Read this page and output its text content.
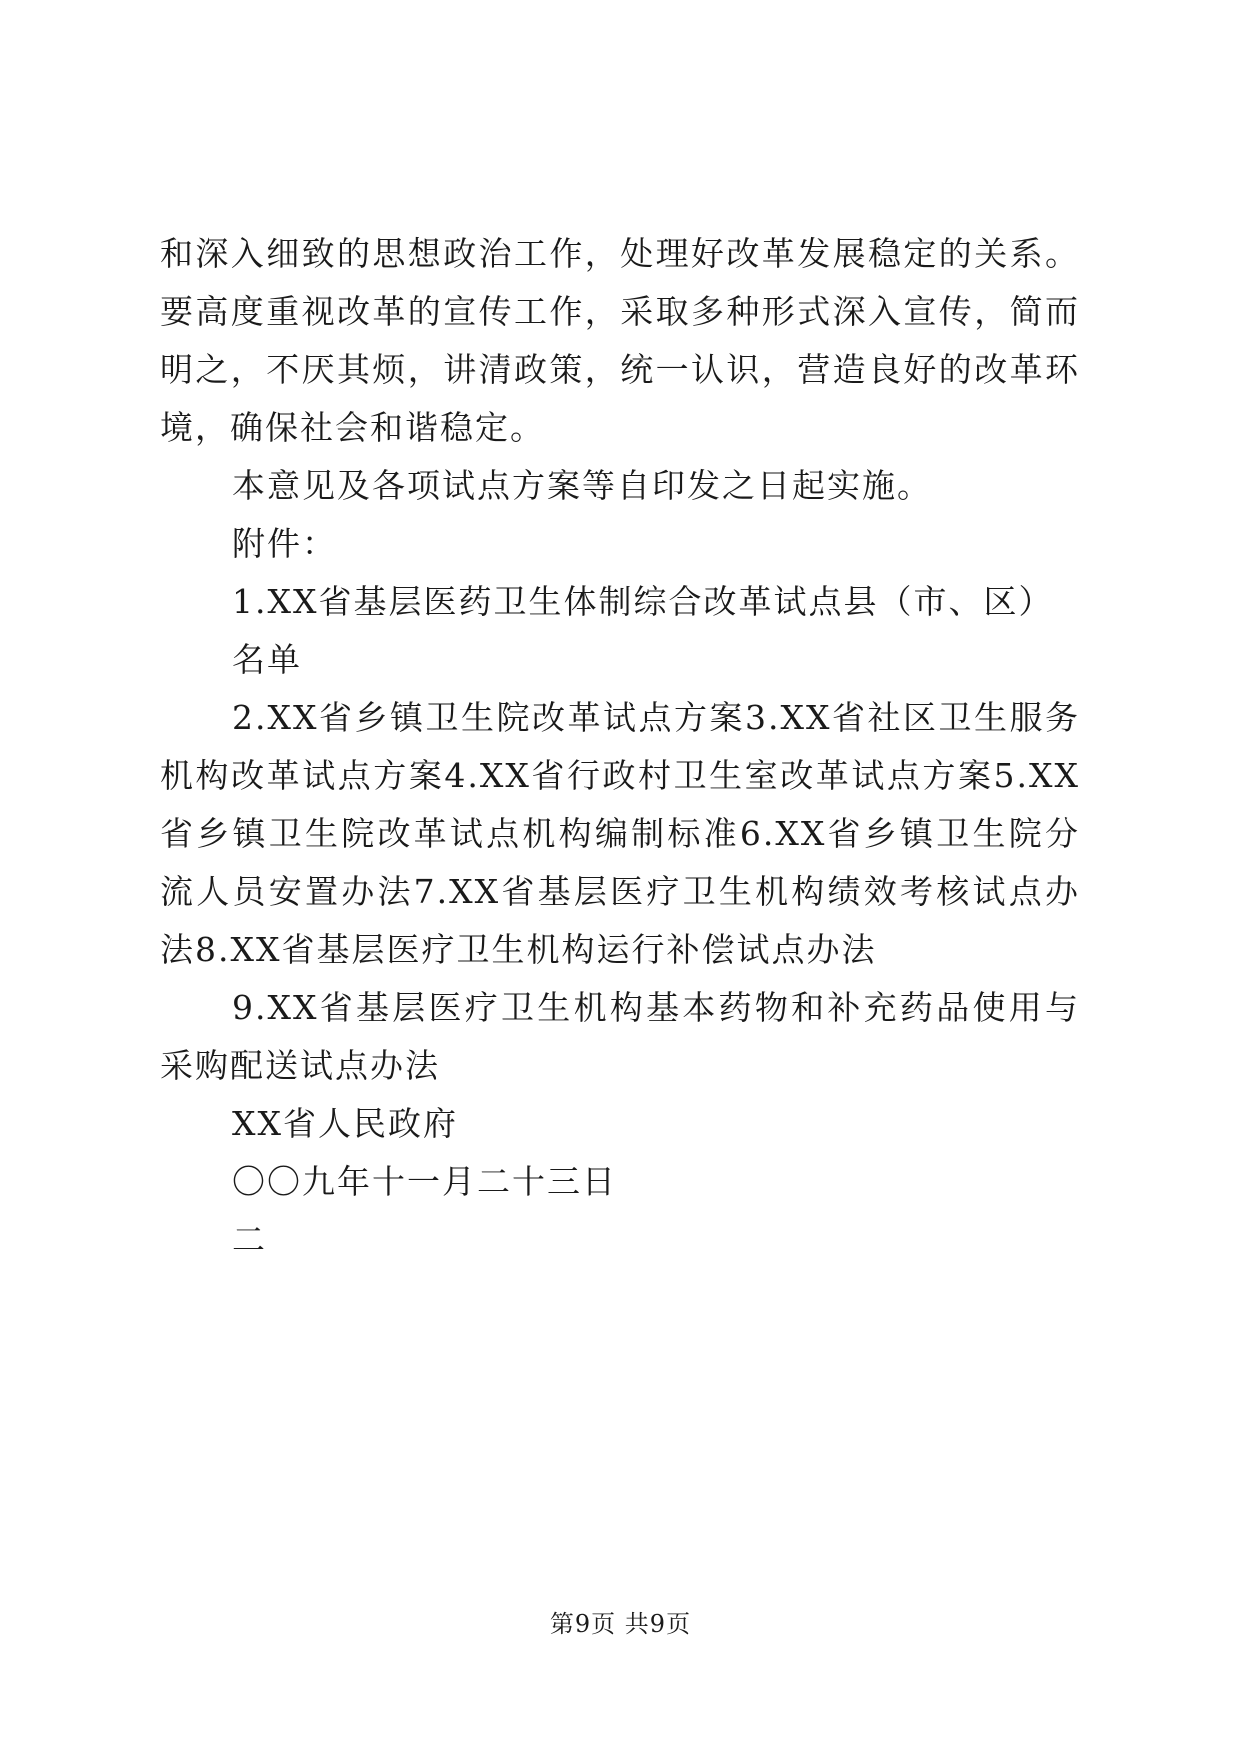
和深入细致的思想政治工作，处理好改革发展稳定的关系。要高度重视改革的宣传工作，采取多种形式深入宣传，简而明之，不厌其烦，讲清政策，统一认识，营造良好的改革环境，确保社会和谐稳定。

本意见及各项试点方案等自印发之日起实施。

附件：

1.XX省基层医药卫生体制综合改革试点县（市、区）

名单

2.XX省乡镇卫生院改革试点方案3.XX省社区卫生服务机构改革试点方案4.XX省行政村卫生室改革试点方案5.XX省乡镇卫生院改革试点机构编制标准6.XX省乡镇卫生院分流人员安置办法7.XX省基层医疗卫生机构绩效考核试点办法8.XX省基层医疗卫生机构运行补偿试点办法

9.XX省基层医疗卫生机构基本药物和补充药品使用与采购配送试点办法

XX省人民政府

〇〇九年十一月二十三日

二

第9页 共9页
